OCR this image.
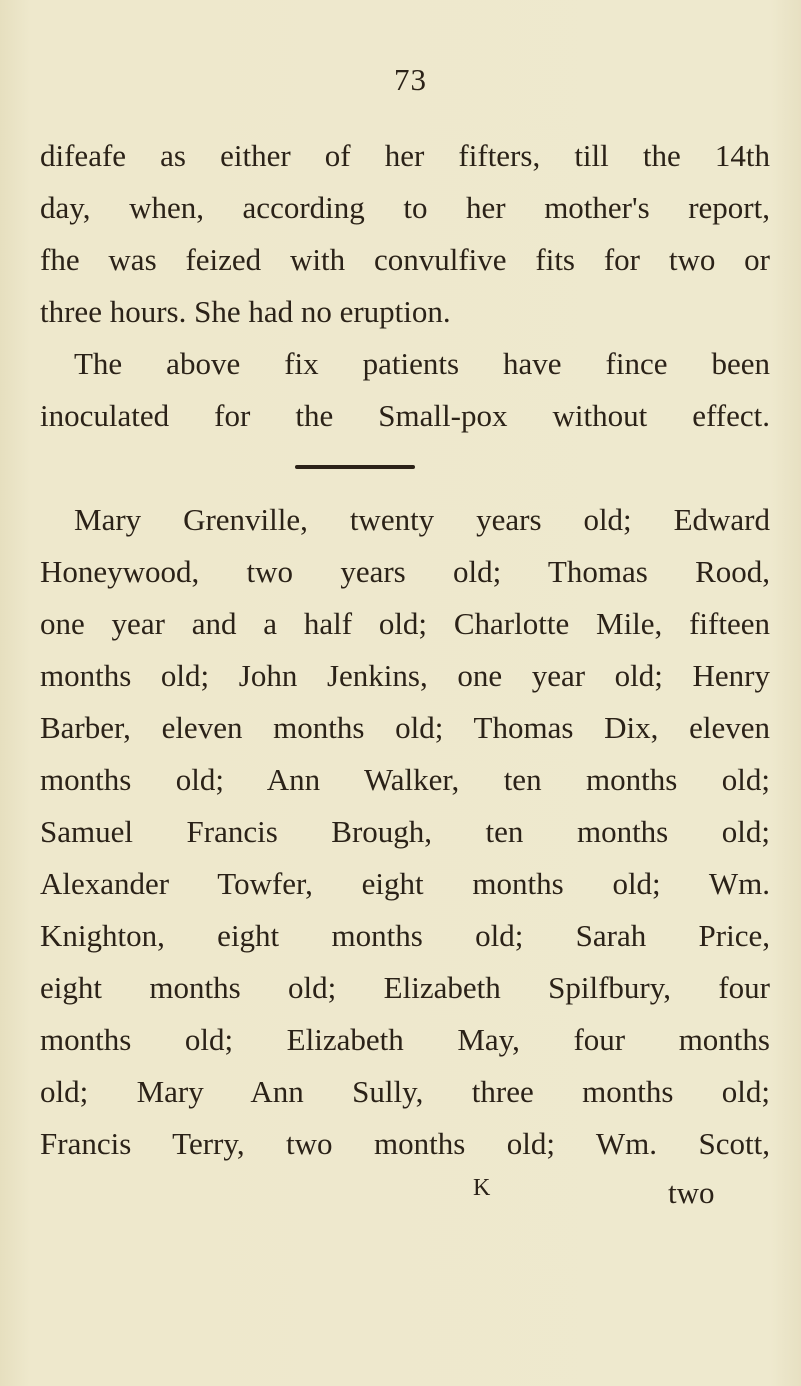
73
difeafe as either of her fifters, till the 14th
day, when, according to her mother's report,
fhe was feized with convulfive fits for two or
three hours. She had no eruption.
The above fix patients have fince been
inoculated for the Small-pox without effect.
Mary Grenville, twenty years old; Edward
Honeywood, two years old; Thomas Rood,
one year and a half old; Charlotte Mile, fifteen
months old; John Jenkins, one year old; Henry
Barber, eleven months old; Thomas Dix, eleven
months old; Ann Walker, ten months old;
Samuel Francis Brough, ten months old;
Alexander Towfer, eight months old; Wm.
Knighton, eight months old; Sarah Price,
eight months old; Elizabeth Spilfbury, four
months old; Elizabeth May, four months
old; Mary Ann Sully, three months old;
Francis Terry, two months old; Wm. Scott,
K	two
